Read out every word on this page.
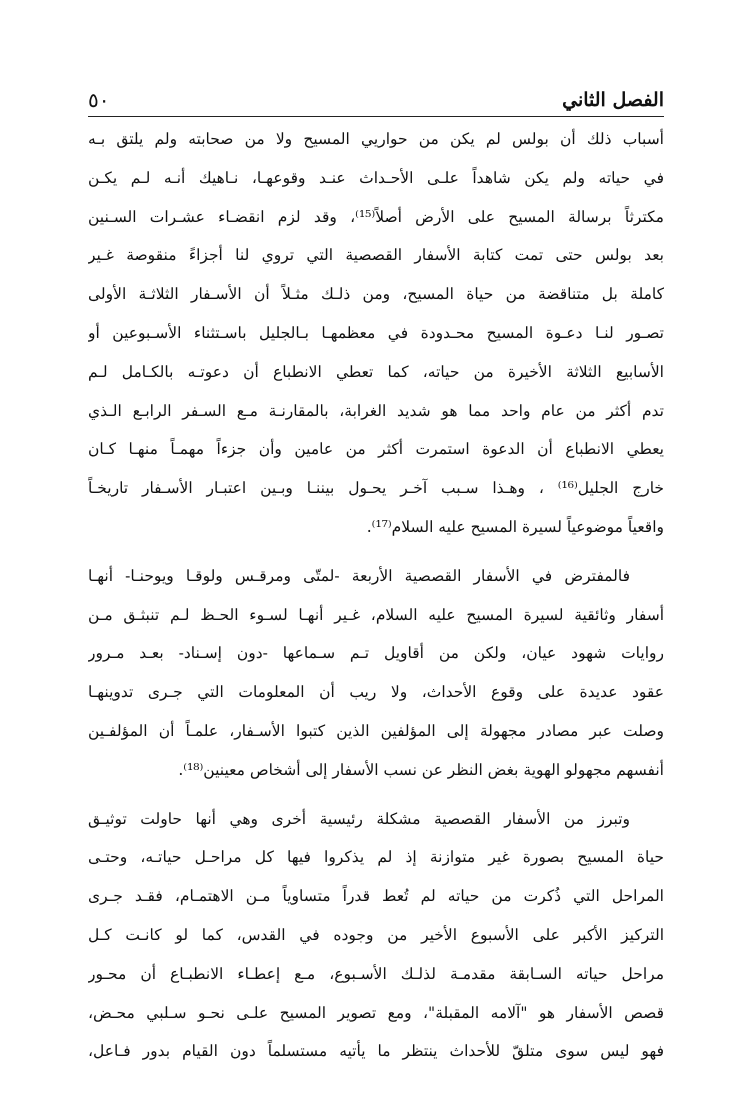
الفصل الثاني
٥٠

أسباب ذلك أن بولس لم يكن من حواريي المسيح ولا من صحابته ولم يلتق بـه
في حياته ولم يكن شاهداً علـى الأحـداث عنـد وقوعهـا، نـاهيك أنـه لـم يكـن
مكترثاً برسالة المسيح على الأرض أصلاً⁽¹⁵⁾، وقد لزم انقضـاء عشـرات السـنين
بعد بولس حتى تمت كتابة الأسفار القصصية التي تروي لنا أجزاءً منقوصة غـير
كاملة بل متناقضة من حياة المسيح، ومن ذلـك مثـلاً أن الأسـفار الثلاثـة الأولى
تصـور لنـا دعـوة المسيح محـدودة في معظمهـا بـالجليل باسـتثناء الأسـبوعين أو
الأسابيع الثلاثة الأخيرة من حياته، كما تعطي الانطباع أن دعوتـه بالكـامل لـم
تدم أكثر من عام واحد مما هو شديد الغرابة، بالمقارنـة مـع السـفر الرابـع الـذي
يعطي الانطباع أن الدعوة استمرت أكثر من عامين وأن جزءاً مهمـاً منهـا كـان
خارج الجليل⁽¹⁶⁾ ، وهـذا سـبب آخـر يحـول بيننـا وبـين اعتبـار الأسـفار تاريخـاً
واقعياً موضوعياً لسيرة المسيح عليه السلام⁽¹⁷⁾.

فالمفترض في الأسفار القصصية الأربعة -لمتّى ومرقـس ولوقـا ويوحنـا- أنهـا
أسفار وثائقية لسيرة المسيح عليه السلام، غـير أنهـا لسـوء الحـظ لـم تنبثـق مـن
روايات شهود عيان، ولكن من أقاويل تـم سـماعها -دون إسـناد- بعـد مـرور
عقود عديدة على وقوع الأحداث، ولا ريب أن المعلومات التي جـرى تدوينهـا
وصلت عبر مصادر مجهولة إلى المؤلفين الذين كتبوا الأسـفار، علمـاً أن المؤلفـين
أنفسهم مجهولو الهوية بغض النظر عن نسب الأسفار إلى أشخاص معينين⁽¹⁸⁾.

وتبرز من الأسفار القصصية مشكلة رئيسية أخرى وهي أنها حاولت توثيـق
حياة المسيح بصورة غير متوازنة إذ لم يذكروا فيها كل مراحـل حياتـه، وحتـى
المراحل التي ذُكرت من حياته لم تُعط قدراً متساوياً مـن الاهتمـام، فقـد جـرى
التركيز الأكبر على الأسبوع الأخير من وجوده في القدس، كما لو كانـت كـل
مراحل حياته السـابقة مقدمـة لذلـك الأسـبوع، مـع إعطـاء الانطبـاع أن محـور
قصص الأسفار هو "آلامه المقبلة"، ومع تصوير المسيح علـى نحـو سـلبي محـض،
فهو ليس سوى متلقّ للأحداث ينتظر ما يأتيه مستسلماً دون القيام بدور فـاعل،
